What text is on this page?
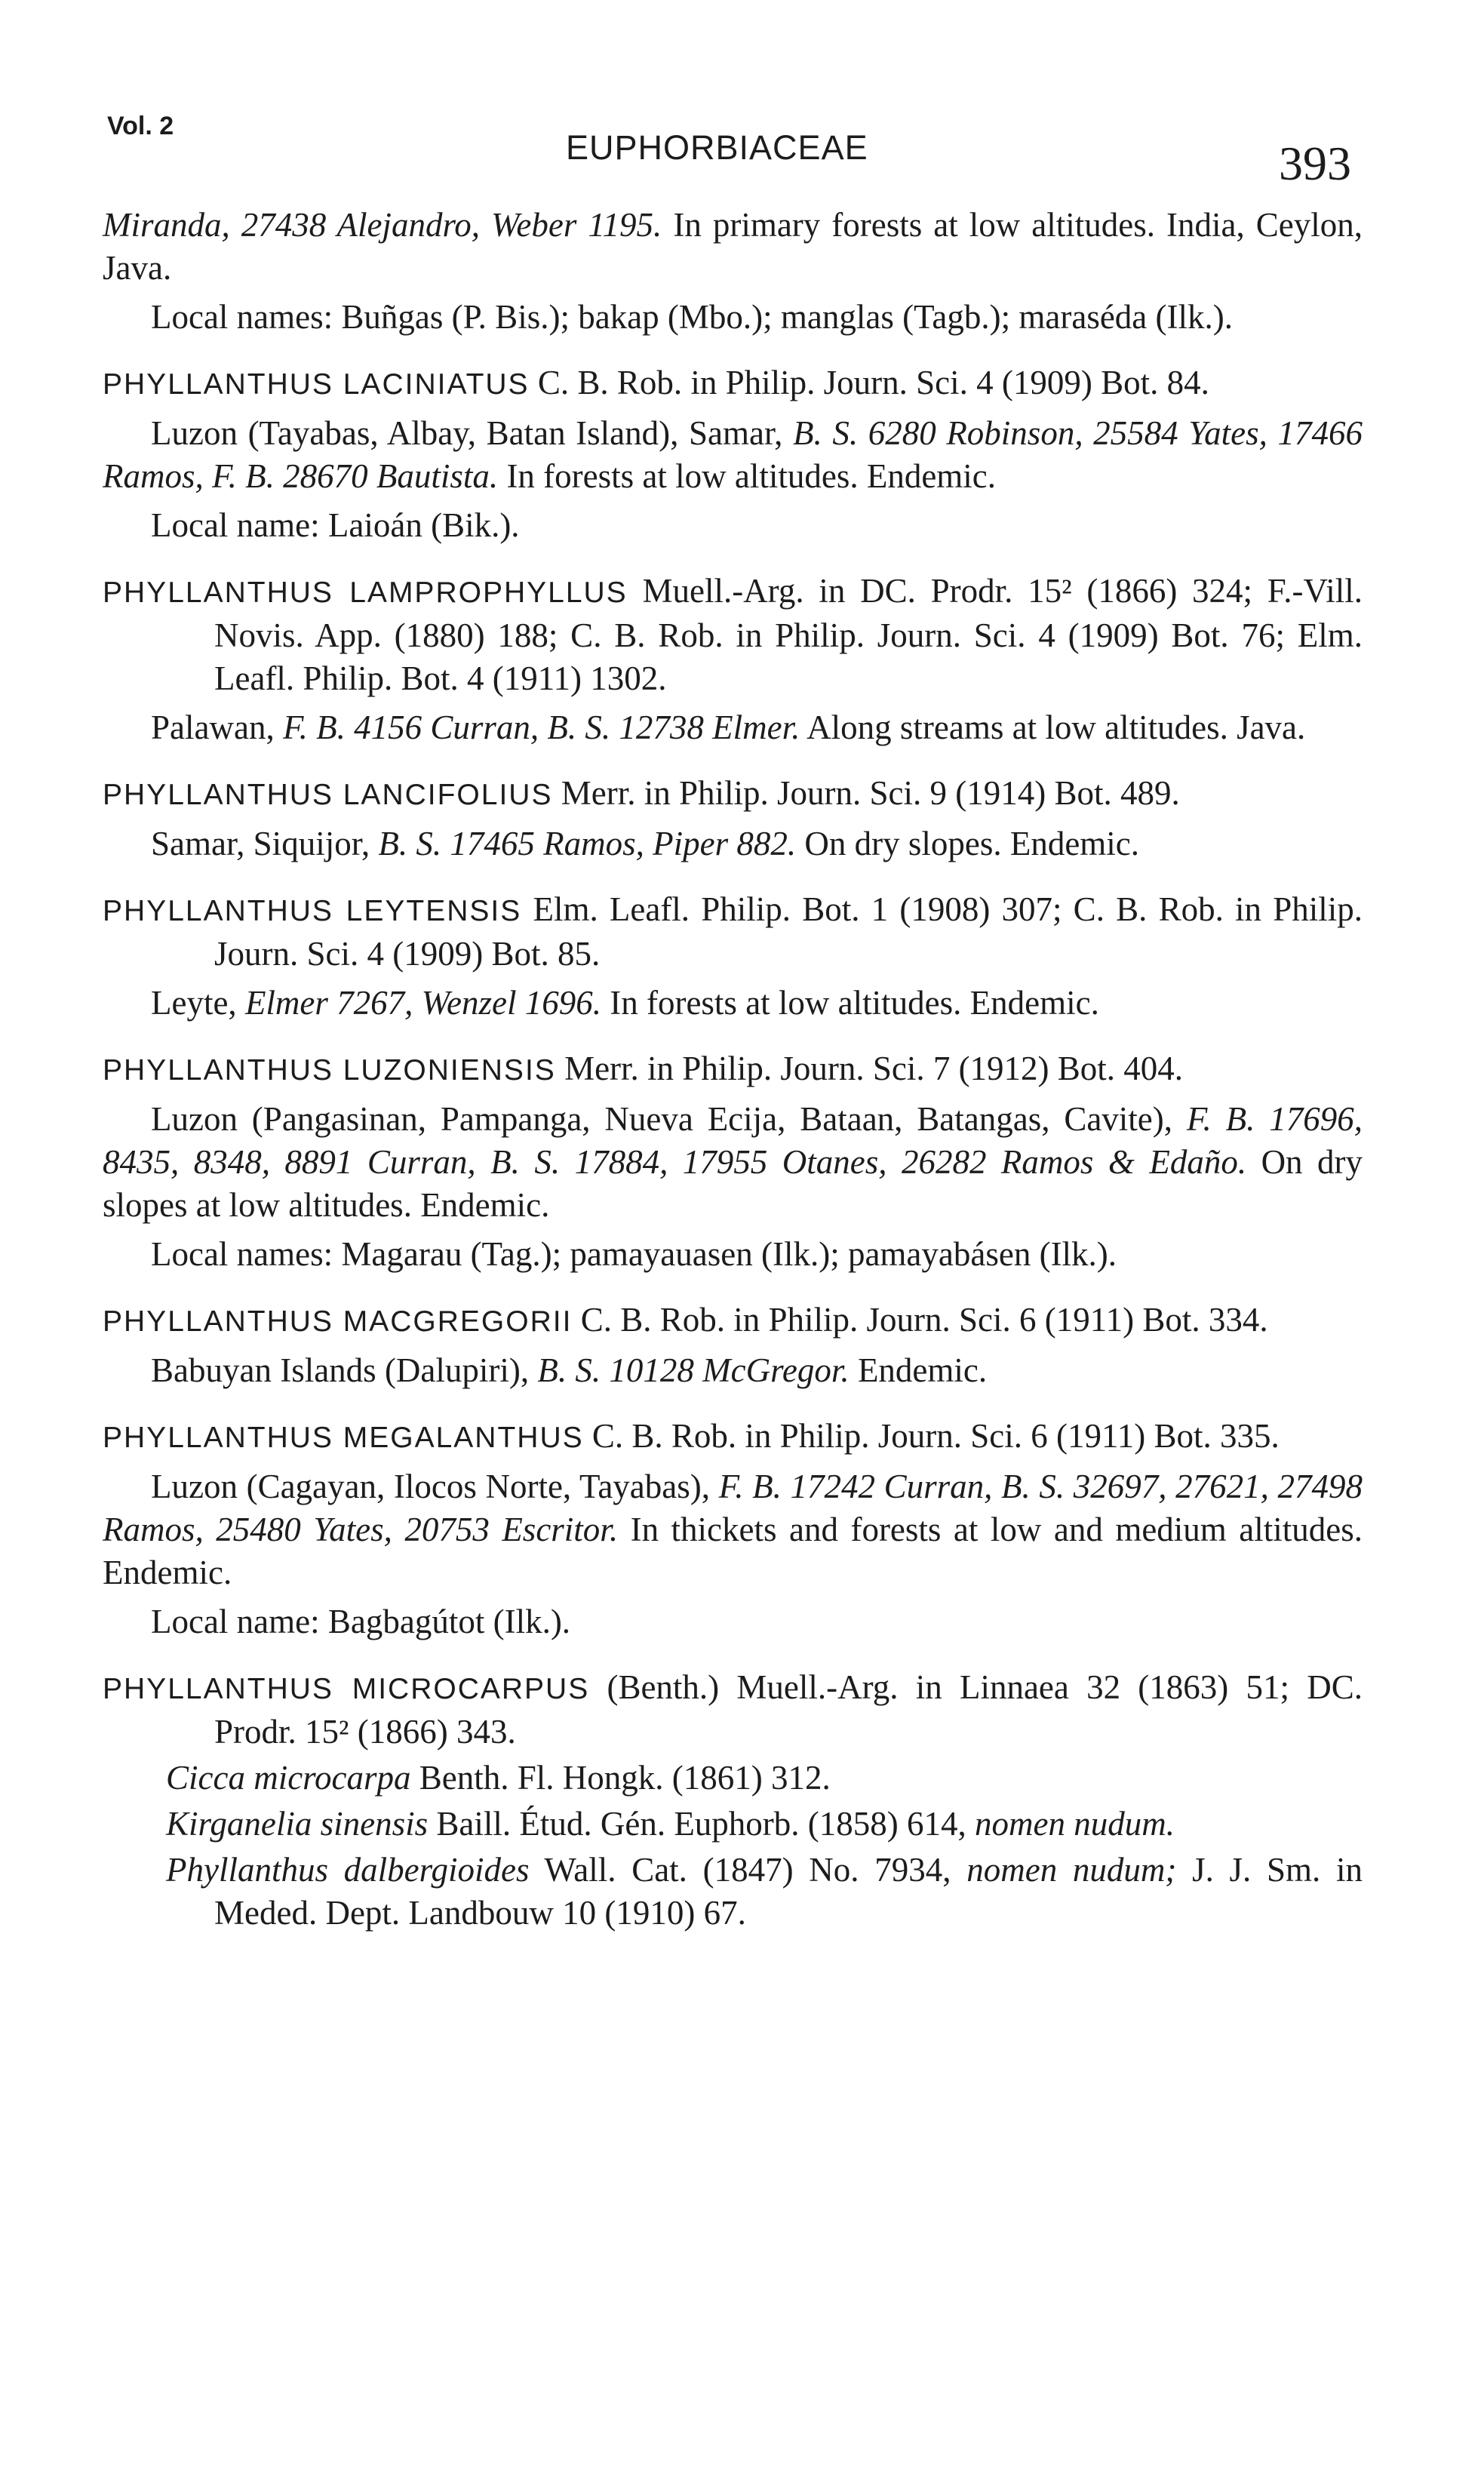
Vol. 2
EUPHORBIACEAE	393

Miranda, 27438 Alejandro, Weber 1195. In primary forests at low altitudes. India, Ceylon, Java.

Local names: Buñgas (P. Bis.); bakap (Mbo.); manglas (Tagb.); maraséda (Ilk.).

PHYLLANTHUS LACINIATUS C. B. Rob. in Philip. Journ. Sci. 4 (1909) Bot. 84.

Luzon (Tayabas, Albay, Batan Island), Samar, B. S. 6280 Robinson, 25584 Yates, 17466 Ramos, F. B. 28670 Bautista. In forests at low altitudes. Endemic.

Local name: Laioán (Bik.).

PHYLLANTHUS LAMPROPHYLLUS Muell.-Arg. in DC. Prodr. 15² (1866) 324; F.-Vill. Novis. App. (1880) 188; C. B. Rob. in Philip. Journ. Sci. 4 (1909) Bot. 76; Elm. Leafl. Philip. Bot. 4 (1911) 1302.

Palawan, F. B. 4156 Curran, B. S. 12738 Elmer. Along streams at low altitudes. Java.

PHYLLANTHUS LANCIFOLIUS Merr. in Philip. Journ. Sci. 9 (1914) Bot. 489.

Samar, Siquijor, B. S. 17465 Ramos, Piper 882. On dry slopes. Endemic.

PHYLLANTHUS LEYTENSIS Elm. Leafl. Philip. Bot. 1 (1908) 307; C. B. Rob. in Philip. Journ. Sci. 4 (1909) Bot. 85.

Leyte, Elmer 7267, Wenzel 1696. In forests at low altitudes. Endemic.

PHYLLANTHUS LUZONIENSIS Merr. in Philip. Journ. Sci. 7 (1912) Bot. 404.

Luzon (Pangasinan, Pampanga, Nueva Ecija, Bataan, Batangas, Cavite), F. B. 17696, 8435, 8348, 8891 Curran, B. S. 17884, 17955 Otanes, 26282 Ramos & Edaño. On dry slopes at low altitudes. Endemic.

Local names: Magarau (Tag.); pamayauasen (Ilk.); pamayabásen (Ilk.).

PHYLLANTHUS MACGREGORII C. B. Rob. in Philip. Journ. Sci. 6 (1911) Bot. 334.

Babuyan Islands (Dalupiri), B. S. 10128 McGregor. Endemic.

PHYLLANTHUS MEGALANTHUS C. B. Rob. in Philip. Journ. Sci. 6 (1911) Bot. 335.

Luzon (Cagayan, Ilocos Norte, Tayabas), F. B. 17242 Curran, B. S. 32697, 27621, 27498 Ramos, 25480 Yates, 20753 Escritor. In thickets and forests at low and medium altitudes. Endemic.

Local name: Bagbagútot (Ilk.).

PHYLLANTHUS MICROCARPUS (Benth.) Muell.-Arg. in Linnaea 32 (1863) 51; DC. Prodr. 15² (1866) 343.

Cicca microcarpa Benth. Fl. Hongk. (1861) 312.

Kirganelia sinensis Baill. Étud. Gén. Euphorb. (1858) 614, nomen nudum.

Phyllanthus dalbergioides Wall. Cat. (1847) No. 7934, nomen nudum; J. J. Sm. in Meded. Dept. Landbouw 10 (1910) 67.
